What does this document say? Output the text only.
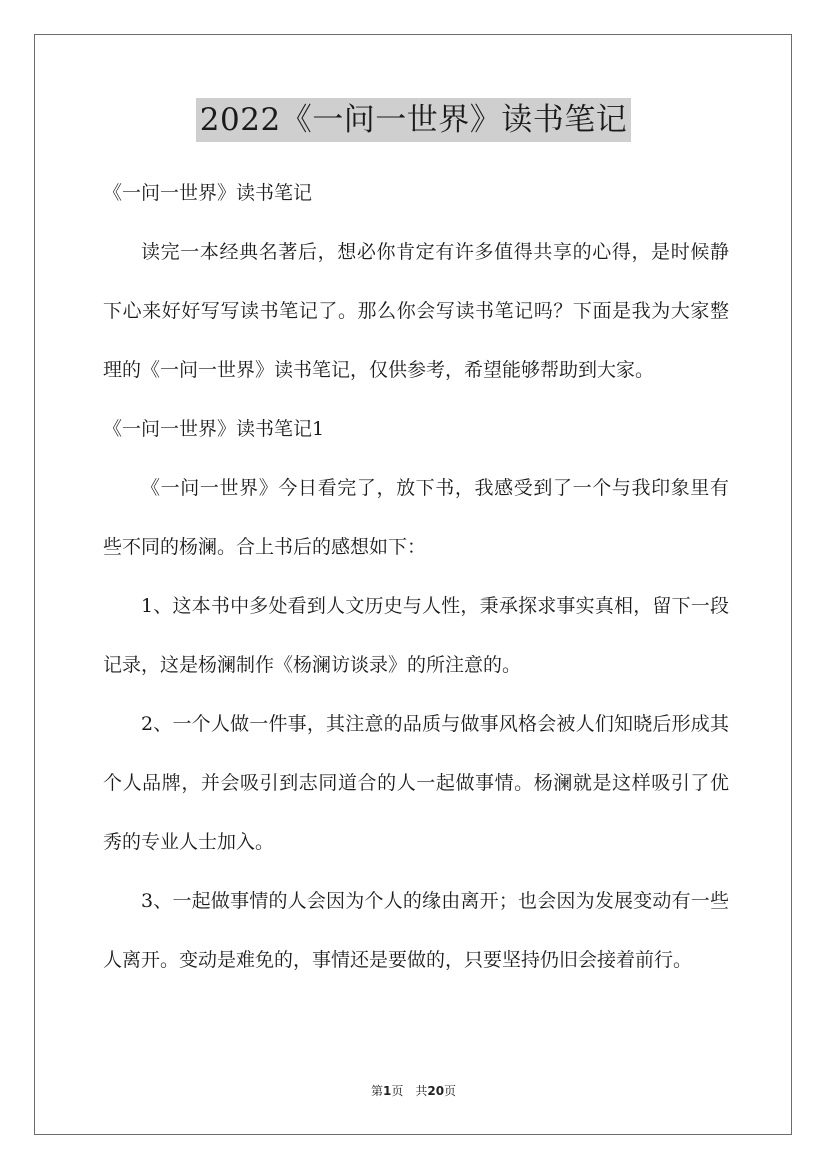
2022《一问一世界》读书笔记

《一问一世界》读书笔记

读完一本经典名著后，想必你肯定有许多值得共享的心得，是时候静下心来好好写写读书笔记了。那么你会写读书笔记吗？下面是我为大家整理的《一问一世界》读书笔记，仅供参考，希望能够帮助到大家。

《一问一世界》读书笔记1

《一问一世界》今日看完了，放下书，我感受到了一个与我印象里有些不同的杨澜。合上书后的感想如下：

1、这本书中多处看到人文历史与人性，秉承探求事实真相，留下一段记录，这是杨澜制作《杨澜访谈录》的所注意的。

2、一个人做一件事，其注意的品质与做事风格会被人们知晓后形成其个人品牌，并会吸引到志同道合的人一起做事情。杨澜就是这样吸引了优秀的专业人士加入。

3、一起做事情的人会因为个人的缘由离开；也会因为发展变动有一些人离开。变动是难免的，事情还是要做的，只要坚持仍旧会接着前行。

第1页 共20页
